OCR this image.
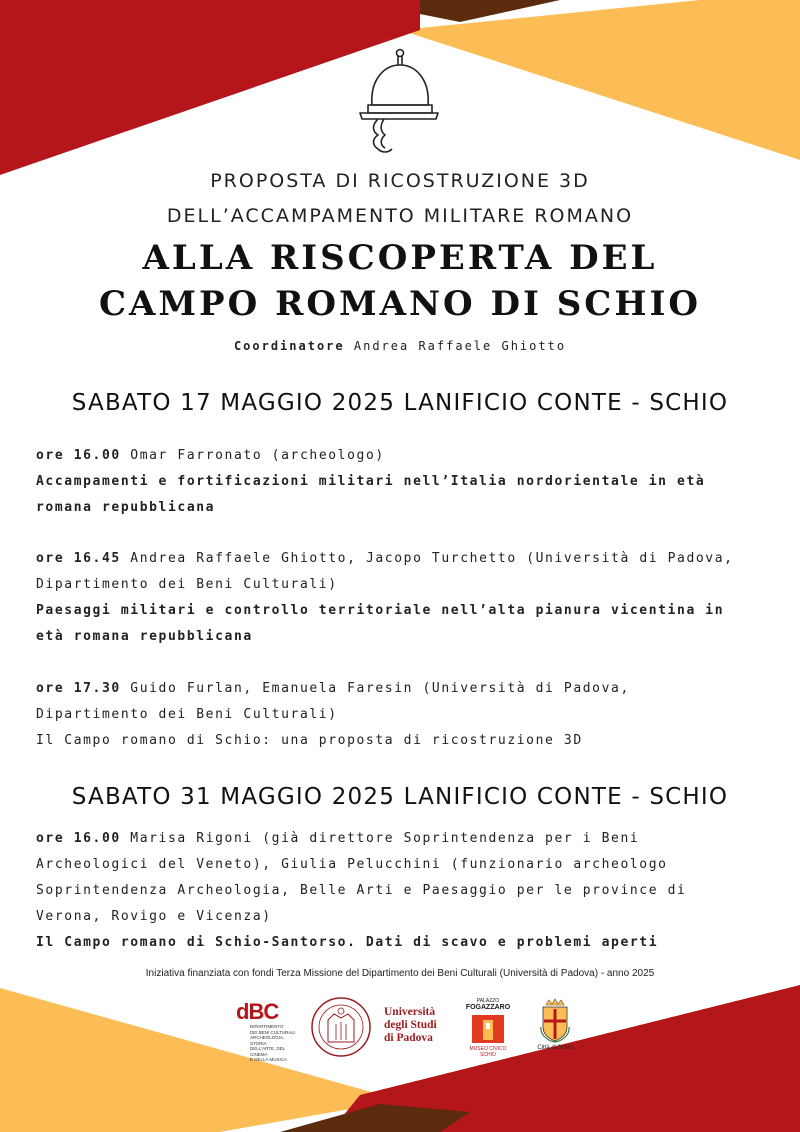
PROPOSTA DI RICOSTRUZIONE 3D
DELL’ACCAMPAMENTO MILITARE ROMANO
ALLA RISCOPERTA DEL
CAMPO ROMANO DI SCHIO
Coordinatore Andrea Raffaele Ghiotto
SABATO 17 MAGGIO 2025 LANIFICIO CONTE - SCHIO
ore 16.00 Omar Farronato (archeologo)
Accampamenti e fortificazioni militari nell’Italia nordorientale in età
romana repubblicana
ore 16.45 Andrea Raffaele Ghiotto, Jacopo Turchetto (Università di Padova,
Dipartimento dei Beni Culturali)
Paesaggi militari e controllo territoriale nell’alta pianura vicentina in
età romana repubblicana
ore 17.30 Guido Furlan, Emanuela Faresin (Università di Padova,
Dipartimento dei Beni Culturali)
Il Campo romano di Schio: una proposta di ricostruzione 3D
SABATO 31 MAGGIO 2025 LANIFICIO CONTE - SCHIO
ore 16.00 Marisa Rigoni (già direttore Soprintendenza per i Beni
Archeologici del Veneto), Giulia Pelucchini (funzionario archeologo
Soprintendenza Archeologia, Belle Arti e Paesaggio per le province di
Verona, Rovigo e Vicenza)
Il Campo romano di Schio-Santorso. Dati di scavo e problemi aperti
Iniziativa finanziata con fondi Terza Missione del Dipartimento dei Beni Culturali (Università di Padova) - anno 2025
dBC
DIPARTIMENTO
DEI BENI CULTURALI
ARCHEOLOGIA, STORIA
DELL'ARTE, DEL CINEMA
E DELLA MUSICA
Università
degli Studi
di Padova
PALAZZO
FOGAZZARO
MUSEO CIVICO
SCHIO
Città di Schio
